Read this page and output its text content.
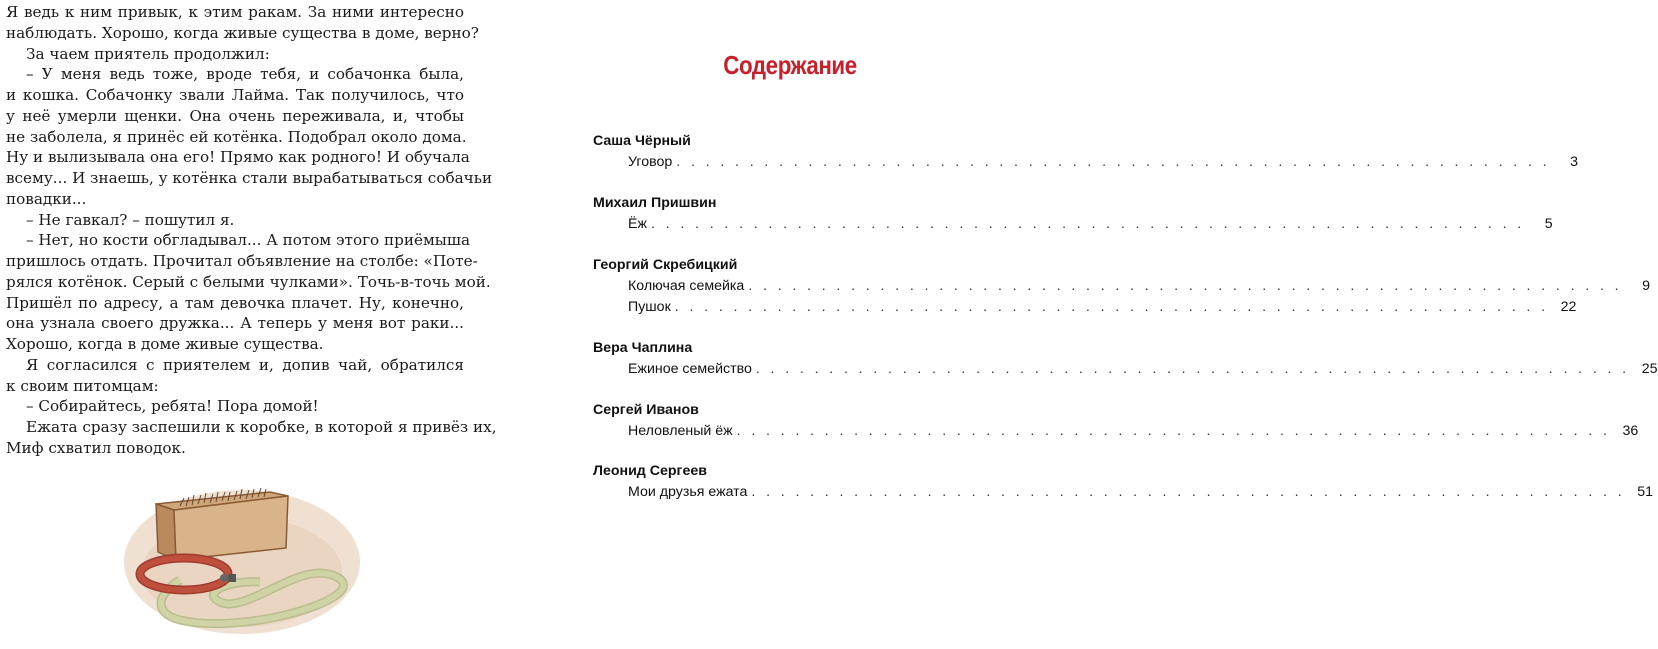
Я ведь к ним привык, к этим ракам. За ними интересно
наблюдать. Хорошо, когда живые существа в доме, верно?
За чаем приятель продолжил:
– У меня ведь тоже, вроде тебя, и собачонка была,
и кошка. Собачонку звали Лайма. Так получилось, что
у неё умерли щенки. Она очень переживала, и, чтобы
не заболела, я принёс ей котёнка. Подобрал около дома.
Ну и вылизывала она его! Прямо как родного! И обучала
всему... И знаешь, у котёнка стали вырабатываться собачьи
повадки...
– Не гавкал? – пошутил я.
– Нет, но кости обгладывал... А потом этого приёмыша
пришлось отдать. Прочитал объявление на столбе: «Поте-
рялся котёнок. Серый с белыми чулками». Точь-в-точь мой.
Пришёл по адресу, а там девочка плачет. Ну, конечно,
она узнала своего дружка... А теперь у меня вот раки...
Хорошо, когда в доме живые существа.
Я согласился с приятелем и, допив чай, обратился
к своим питомцам:
– Собирайтесь, ребята! Пора домой!
Ежата сразу заспешили к коробке, в которой я привёз их,
Миф схватил поводок.
Содержание
Саша Чёрный
Уговор . . . . . . . . . . . . . . . . . . . . . . . . . . . . . . . . . . . . . . . . . . . . . . . . . . . . . . . . . . . .	3
Михаил Пришвин
Ёж . . . . . . . . . . . . . . . . . . . . . . . . . . . . . . . . . . . . . . . . . . . . . . . . . . . . . . . . . . . .	5
Георгий Скребицкий
Колючая семейка . . . . . . . . . . . . . . . . . . . . . . . . . . . . . . . . . . . . . . . . . . . . . . . . . . . . . . . . . . . .	9
Пушок . . . . . . . . . . . . . . . . . . . . . . . . . . . . . . . . . . . . . . . . . . . . . . . . . . . . . . . . . . . . 22
Вера Чаплина
Ежиное семейство . . . . . . . . . . . . . . . . . . . . . . . . . . . . . . . . . . . . . . . . . . . . . . . . . . . . . . . . . . . . 25
Сергей Иванов
Неловленый ёж . . . . . . . . . . . . . . . . . . . . . . . . . . . . . . . . . . . . . . . . . . . . . . . . . . . . . . . . . . . . 36
Леонид Сергеев
Мои друзья ежата . . . . . . . . . . . . . . . . . . . . . . . . . . . . . . . . . . . . . . . . . . . . . . . . . . . . . . . . . . . . 51
